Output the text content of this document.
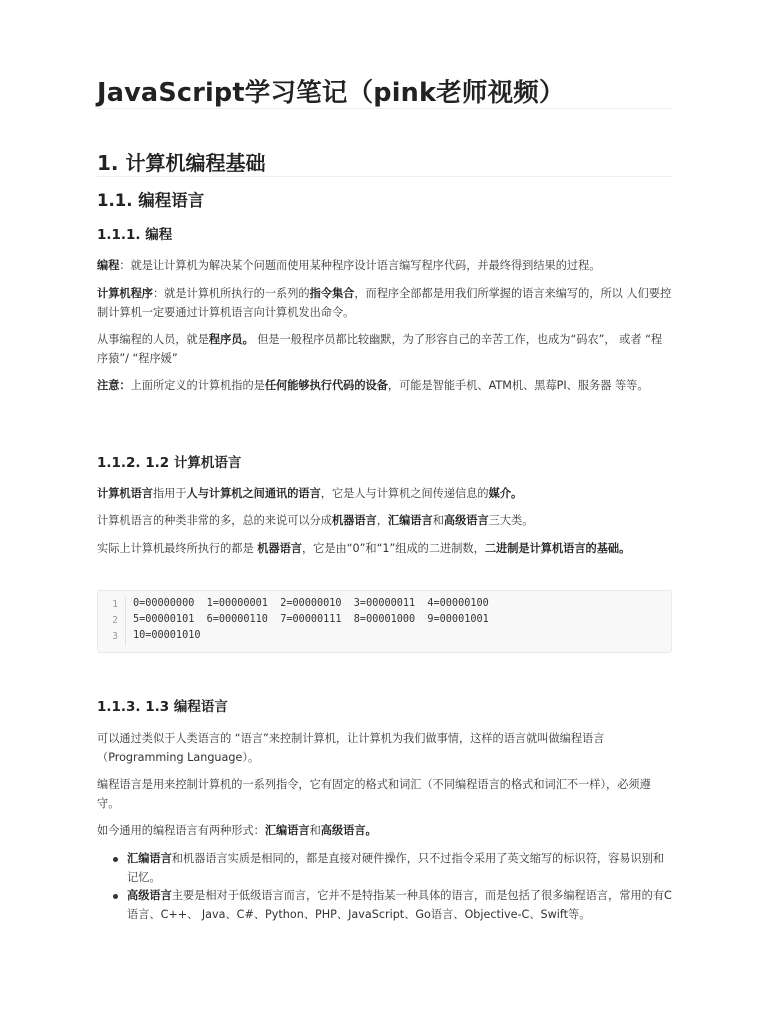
JavaScript学习笔记（pink老师视频）
1. 计算机编程基础
1.1. 编程语言
1.1.1. 编程

编程：就是让计算机为解决某个问题而使用某种程序设计语言编写程序代码，并最终得到结果的过程。

计算机程序：就是计算机所执行的一系列的指令集合，而程序全部都是用我们所掌握的语言来编写的，所以 人们要控制计算机一定要通过计算机语言向计算机发出命令。

从事编程的人员，就是程序员。 但是一般程序员都比较幽默，为了形容自己的辛苦工作，也成为“码农”， 或者 “程序猿”/ “程序媛”

注意：上面所定义的计算机指的是任何能够执行代码的设备，可能是智能手机、ATM机、黑莓PI、服务器 等等。

1.1.2. 1.2 计算机语言

计算机语言指用于人与计算机之间通讯的语言，它是人与计算机之间传递信息的媒介。

计算机语言的种类非常的多，总的来说可以分成机器语言，汇编语言和高级语言三大类。

实际上计算机最终所执行的都是 机器语言，它是由“0”和“1”组成的二进制数，二进制是计算机语言的基础。

1 0=00000000  1=00000001  2=00000010  3=00000011  4=00000100
2 5=00000101  6=00000110  7=00000111  8=00001000  9=00001001
3 10=00001010
1.1.3. 1.3 编程语言

可以通过类似于人类语言的 “语言”来控制计算机，让计算机为我们做事情，这样的语言就叫做编程语言（Programming Language）。

编程语言是用来控制计算机的一系列指令，它有固定的格式和词汇（不同编程语言的格式和词汇不一样），必须遵守。

如今通用的编程语言有两种形式：汇编语言和高级语言。

汇编语言和机器语言实质是相同的，都是直接对硬件操作，只不过指令采用了英文缩写的标识符，容易识别和记忆。
高级语言主要是相对于低级语言而言，它并不是特指某一种具体的语言，而是包括了很多编程语言，常用的有C语言、C++、 Java、C#、Python、PHP、JavaScript、Go语言、Objective-C、Swift等。
